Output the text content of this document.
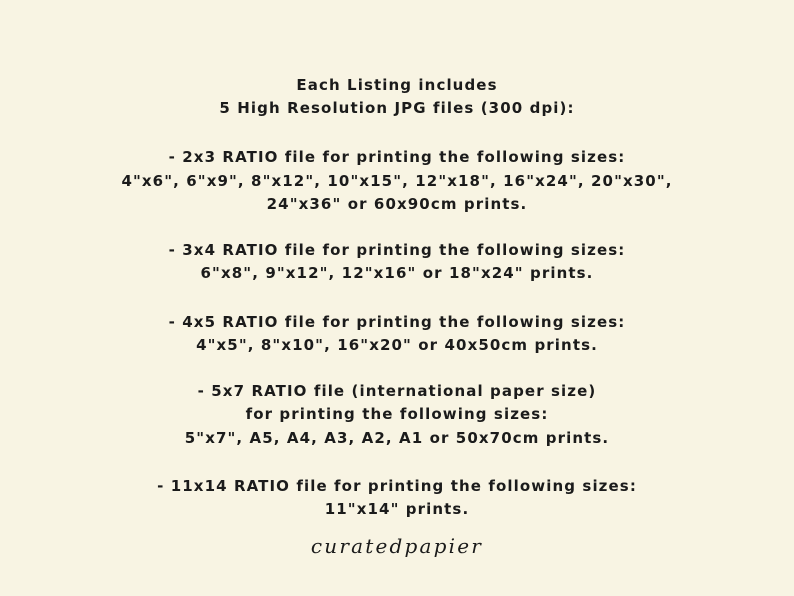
Each Listing includes
5 High Resolution JPG files (300 dpi):
- 2x3 RATIO file for printing the following sizes:
4"x6", 6"x9", 8"x12", 10"x15", 12"x18", 16"x24", 20"x30",
24"x36" or 60x90cm prints.
- 3x4 RATIO file for printing the following sizes:
6"x8", 9"x12", 12"x16" or 18"x24" prints.
- 4x5 RATIO file for printing the following sizes:
4"x5", 8"x10", 16"x20" or 40x50cm prints.
- 5x7 RATIO file (international paper size)
for printing the following sizes:
5"x7", A5, A4, A3, A2, A1 or 50x70cm prints.
- 11x14 RATIO file for printing the following sizes:
11"x14" prints.
curatedpapier
